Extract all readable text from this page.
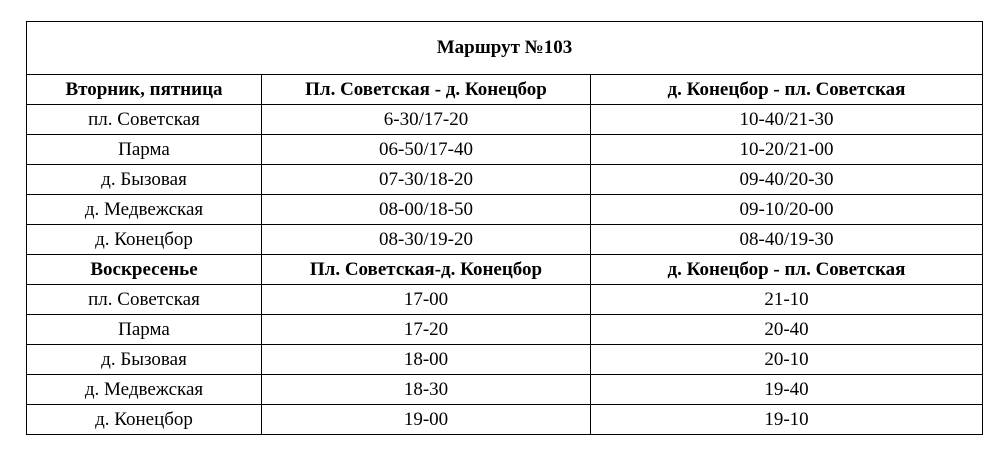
Маршрут №103		
Вторник, пятница	Пл. Советская - д. Конецбор	д. Конецбор - пл. Советская
пл. Советская	6-30/17-20	10-40/21-30
Парма	06-50/17-40	10-20/21-00
д. Бызовая	07-30/18-20	09-40/20-30
д. Медвежская	08-00/18-50	09-10/20-00
д. Конецбор	08-30/19-20	08-40/19-30
Воскресенье	Пл. Советская-д. Конецбор	д. Конецбор - пл. Советская
пл. Советская	17-00	21-10
Парма	17-20	20-40
д. Бызовая	18-00	20-10
д. Медвежская	18-30	19-40
д. Конецбор	19-00	19-10
